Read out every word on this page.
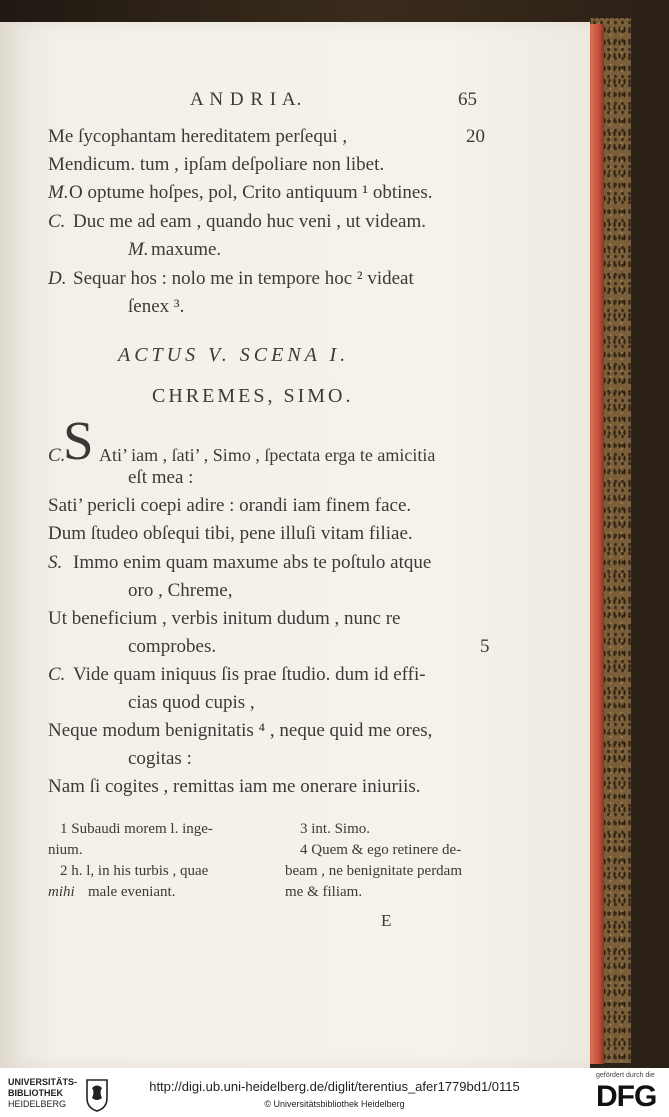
A N D R I A.	65
Me ſycophantam hereditatem perſequi ,	20
Mendicum. tum , ipſam deſpoliare non libet.
M. O optume hoſpes, pol, Crito antiquum ¹ obtines.
C. Duc me ad eam , quando huc veni , ut videam.
M. maxume.
D. Sequar hos : nolo me in tempore hoc ² videat
ſenex ³.
ACTUS V. SCENA I.
CHREMES, SIMO.
C.
S Ati’ iam , ſati’ , Simo , ſpectata erga te amicitia
eſt mea :
Sati’ pericli coepi adire : orandi iam finem face.
Dum ſtudeo obſequi tibi, pene illuſi vitam filiae.
S. Immo enim quam maxume abs te poſtulo atque
oro , Chreme,
Ut beneficium , verbis initum dudum , nunc re
comprobes.	5
C. Vide quam iniquus ſis prae ſtudio. dum id effi-
cias quod cupis ,
Neque modum benignitatis ⁴ , neque quid me ores,
cogitas :
Nam ſi cogites , remittas iam me onerare iniuriis.
1 Subaudi morem l. inge-
nium.
2 h. l, in his turbis , quae
mihi male eveniant.
3 int. Simo.
4 Quem & ego retinere de-
beam , ne benignitate perdam
me & filiam.
E
UNIVERSITÄTS-
BIBLIOTHEK
HEIDELBERG
http://digi.ub.uni-heidelberg.de/diglit/terentius_afer1779bd1/0115
© Universitätsbibliothek Heidelberg
gefördert durch die
DFG
